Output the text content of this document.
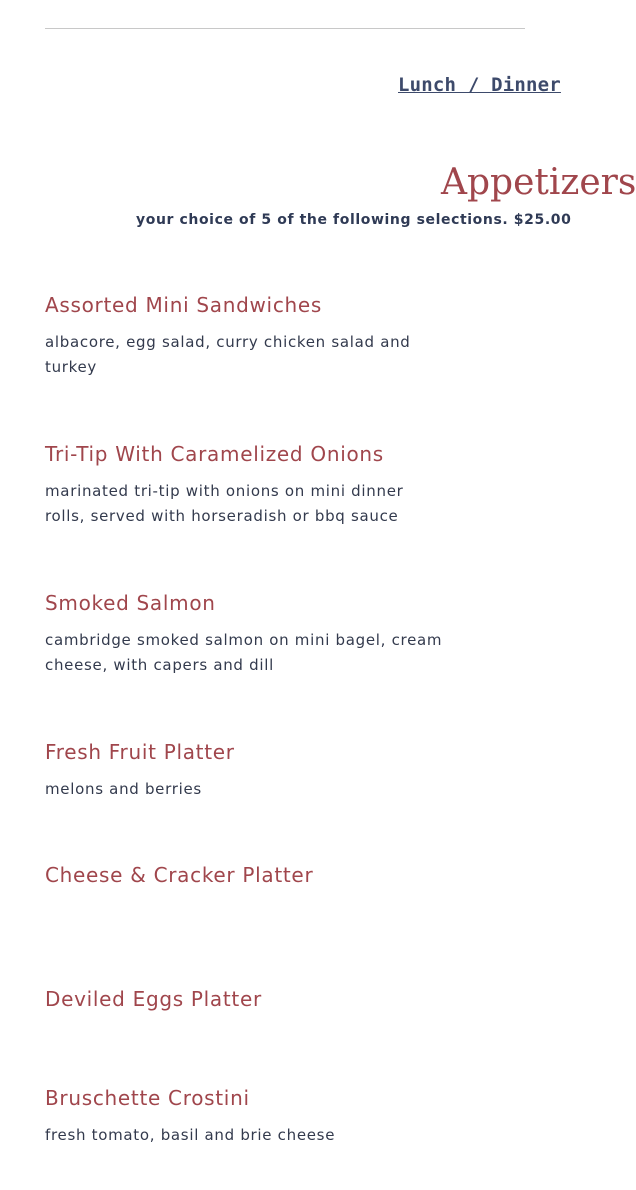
Lunch / Dinner
Appetizers
your choice of 5 of the following selections. $25.00
Assorted Mini Sandwiches
albacore, egg salad, curry chicken salad and turkey
Tri-Tip With Caramelized Onions
marinated tri-tip with onions on mini dinner rolls, served with horseradish or bbq sauce
Smoked Salmon
cambridge smoked salmon on mini bagel, cream cheese, with capers and dill
Fresh Fruit Platter
melons and berries
Cheese & Cracker Platter
Deviled Eggs Platter
Bruschette Crostini
fresh tomato, basil and brie cheese
